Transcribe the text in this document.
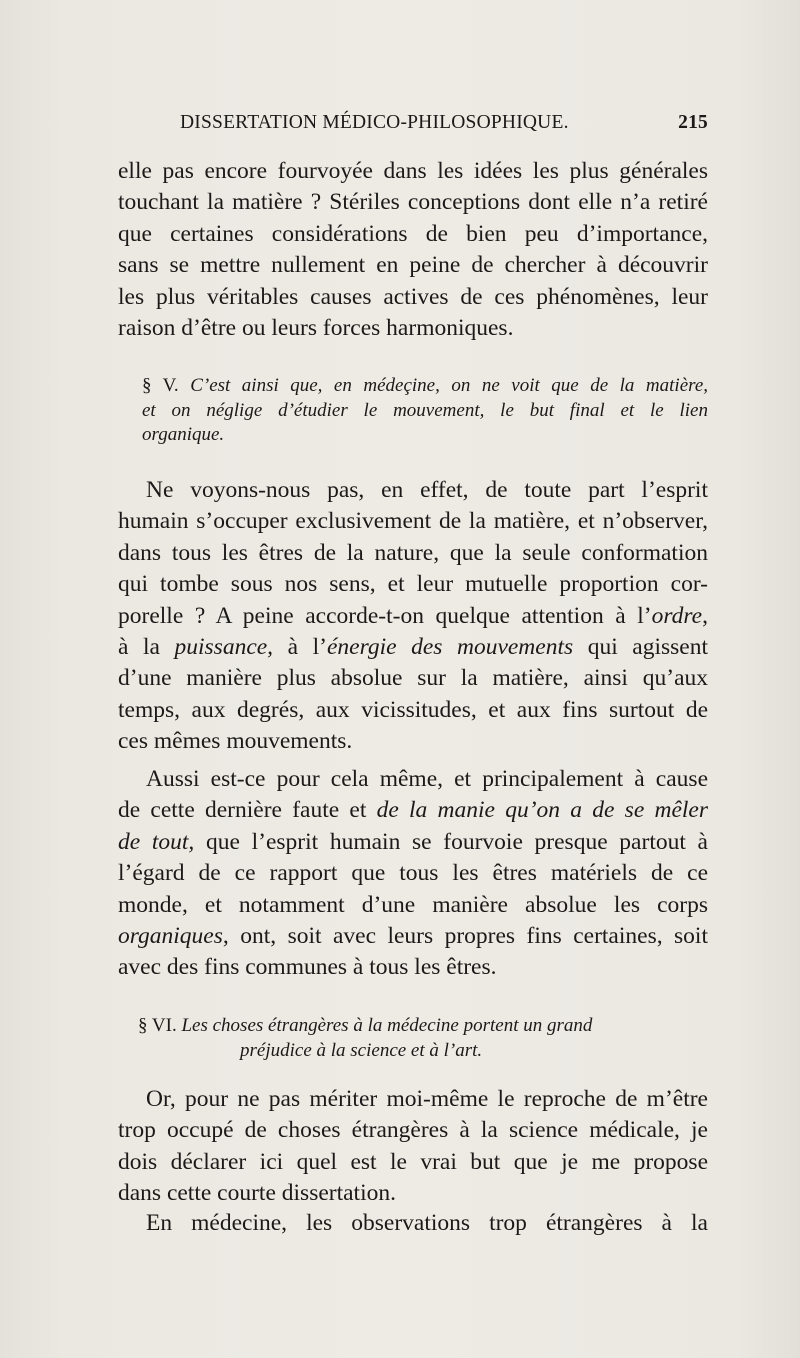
DISSERTATION MÉDICO-PHILOSOPHIQUE.	215
elle pas encore fourvoyée dans les idées les plus générales
touchant la matière ? Stériles conceptions dont elle n’a retiré
que certaines considérations de bien peu d’importance,
sans se mettre nullement en peine de chercher à découvrir
les plus véritables causes actives de ces phénomènes, leur
raison d’être ou leurs forces harmoniques.
§ V. C’est ainsi que, en médeçine, on ne voit que de la matière,
et on néglige d’étudier le mouvement, le but final et le lien
organique.
Ne voyons-nous pas, en effet, de toute part l’esprit
humain s’occuper exclusivement de la matière, et n’observer,
dans tous les êtres de la nature, que la seule conformation
qui tombe sous nos sens, et leur mutuelle proportion cor-
porelle ? A peine accorde-t-on quelque attention à l’ordre,
à la puissance, à l’énergie des mouvements qui agissent
d’une manière plus absolue sur la matière, ainsi qu’aux
temps, aux degrés, aux vicissitudes, et aux fins surtout de
ces mêmes mouvements.
Aussi est-ce pour cela même, et principalement à cause
de cette dernière faute et de la manie qu’on a de se mêler
de tout, que l’esprit humain se fourvoie presque partout à
l’égard de ce rapport que tous les êtres matériels de ce
monde, et notamment d’une manière absolue les corps
organiques, ont, soit avec leurs propres fins certaines, soit
avec des fins communes à tous les êtres.
§ VI. Les choses étrangères à la médecine portent un grand
préjudice à la science et à l’art.
Or, pour ne pas mériter moi-même le reproche de m’être
trop occupé de choses étrangères à la science médicale, je
dois déclarer ici quel est le vrai but que je me propose
dans cette courte dissertation.
En médecine, les observations trop étrangères à la
